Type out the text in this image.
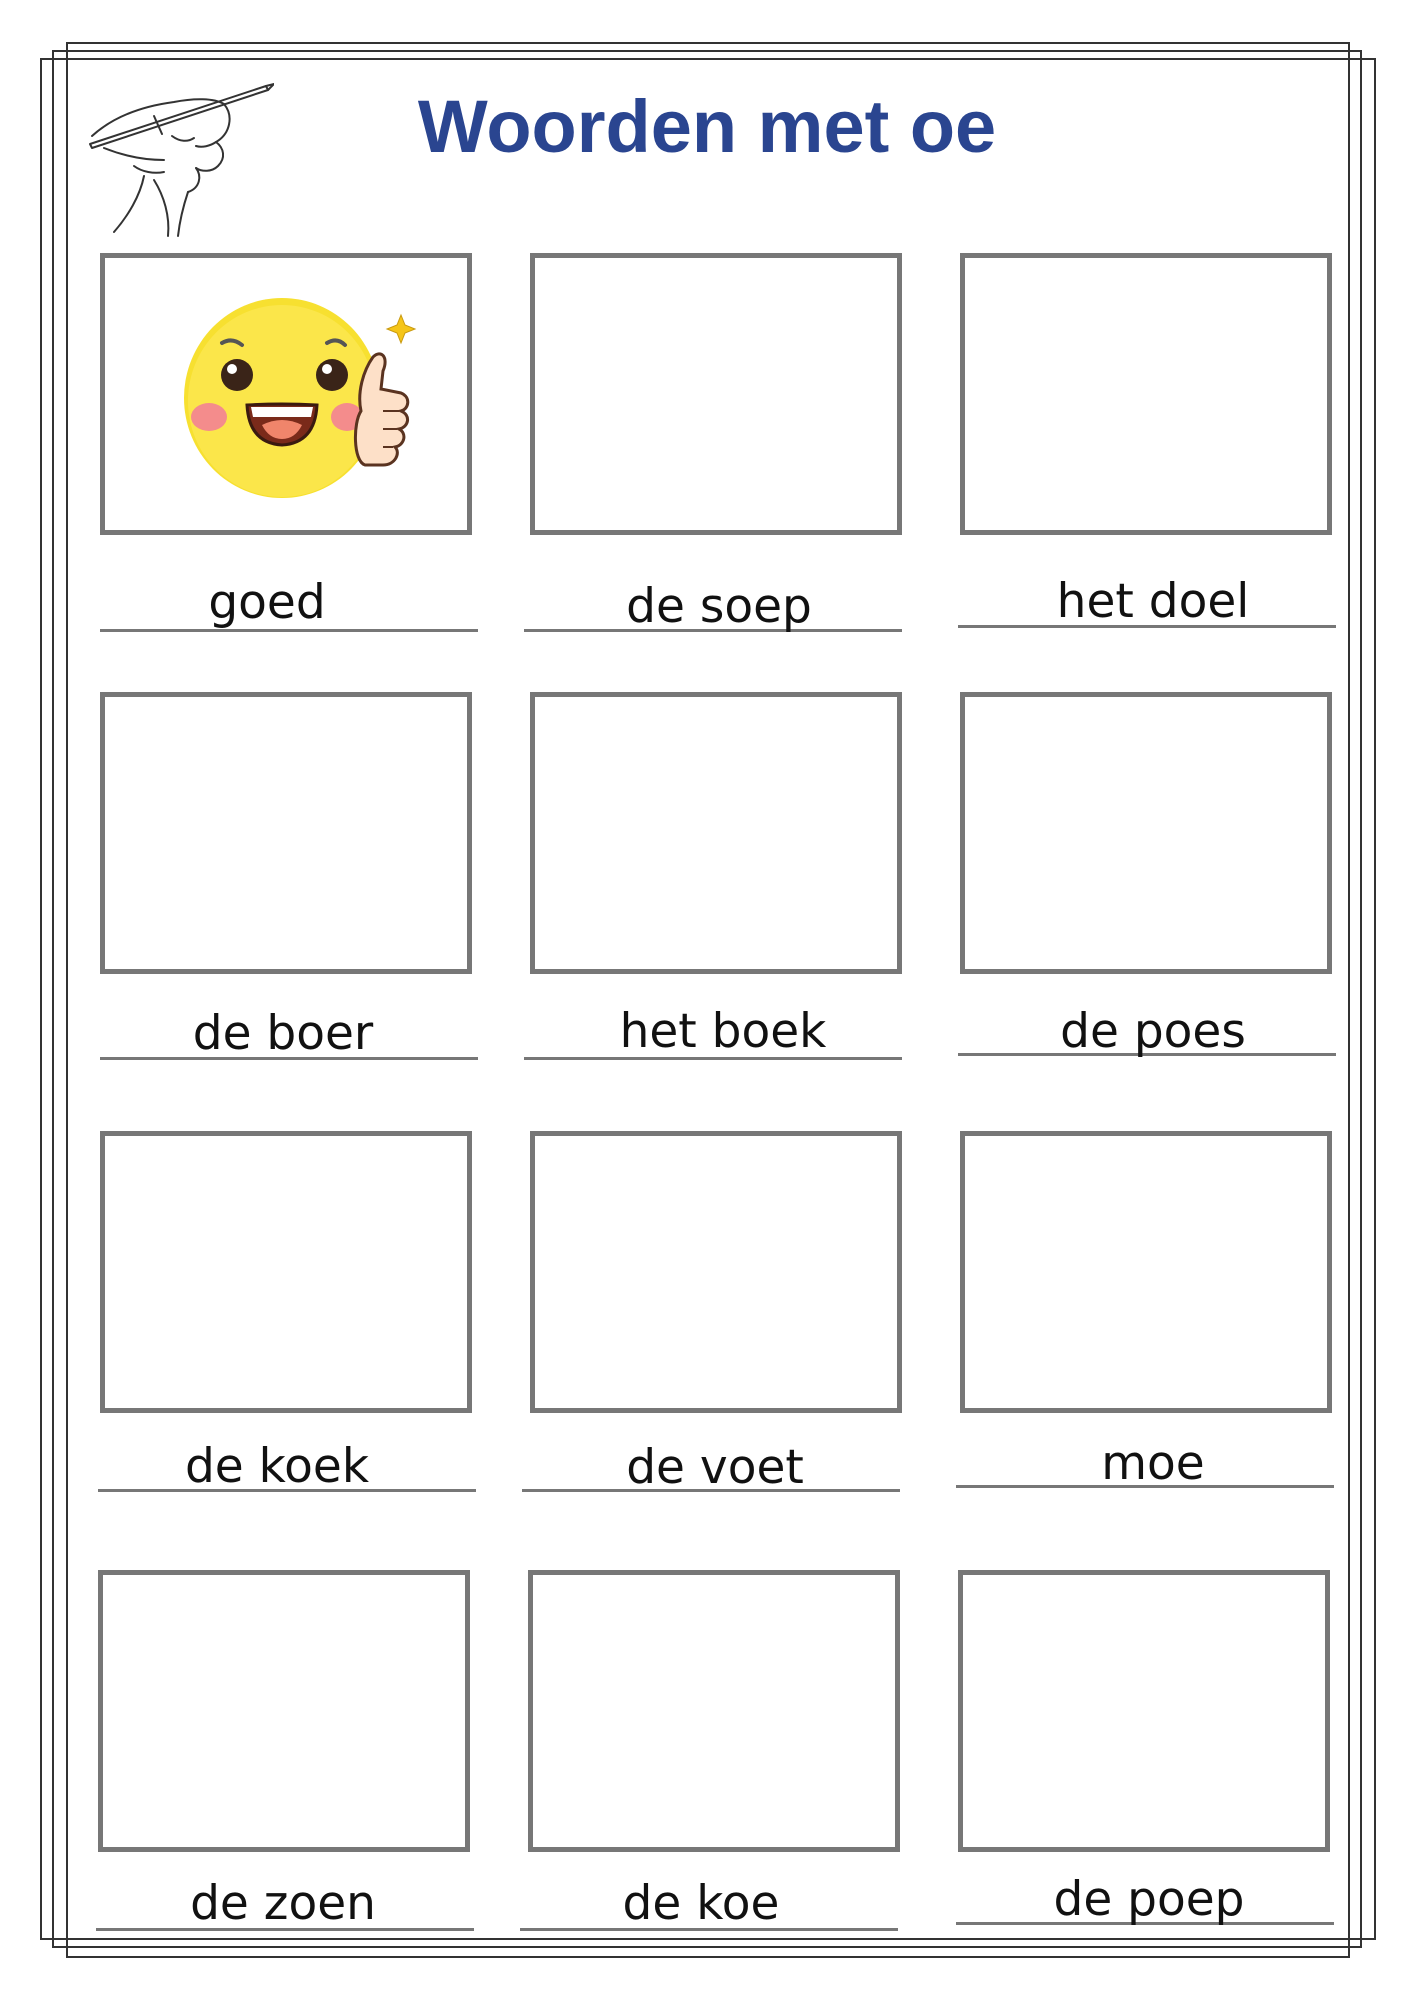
Woorden met oe
goed	de soep	het doel
de boer	het boek	de poes
de koek	de voet	moe
de zoen	de koe	de poep
